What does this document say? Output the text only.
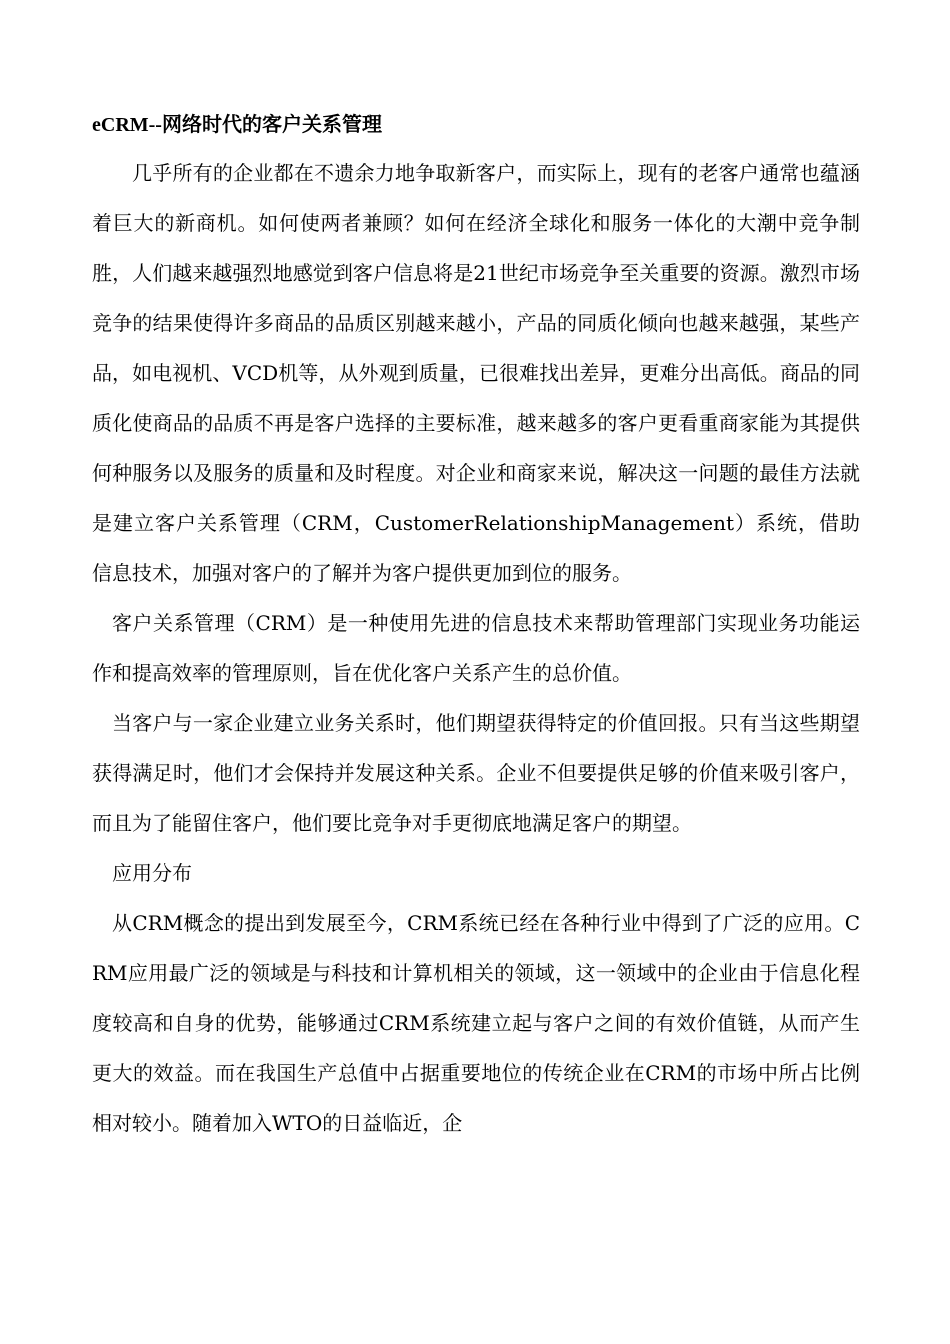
eCRM--网络时代的客户关系管理

几乎所有的企业都在不遗余力地争取新客户，而实际上，现有的老客户通常也蕴涵着巨大的新商机。如何使两者兼顾？如何在经济全球化和服务一体化的大潮中竞争制胜，人们越来越强烈地感觉到客户信息将是21世纪市场竞争至关重要的资源。激烈市场竞争的结果使得许多商品的品质区别越来越小，产品的同质化倾向也越来越强，某些产品，如电视机、VCD机等，从外观到质量，已很难找出差异，更难分出高低。商品的同质化使商品的品质不再是客户选择的主要标准，越来越多的客户更看重商家能为其提供何种服务以及服务的质量和及时程度。对企业和商家来说，解决这一问题的最佳方法就是建立客户关系管理（CRM，CustomerRelationshipManagement）系统，借助信息技术，加强对客户的了解并为客户提供更加到位的服务。

客户关系管理（CRM）是一种使用先进的信息技术来帮助管理部门实现业务功能运作和提高效率的管理原则，旨在优化客户关系产生的总价值。

当客户与一家企业建立业务关系时，他们期望获得特定的价值回报。只有当这些期望获得满足时，他们才会保持并发展这种关系。企业不但要提供足够的价值来吸引客户，而且为了能留住客户，他们要比竞争对手更彻底地满足客户的期望。

应用分布

从CRM概念的提出到发展至今，CRM系统已经在各种行业中得到了广泛的应用。CRM应用最广泛的领域是与科技和计算机相关的领域，这一领域中的企业由于信息化程度较高和自身的优势，能够通过CRM系统建立起与客户之间的有效价值链，从而产生更大的效益。而在我国生产总值中占据重要地位的传统企业在CRM的市场中所占比例相对较小。随着加入WTO的日益临近，企
